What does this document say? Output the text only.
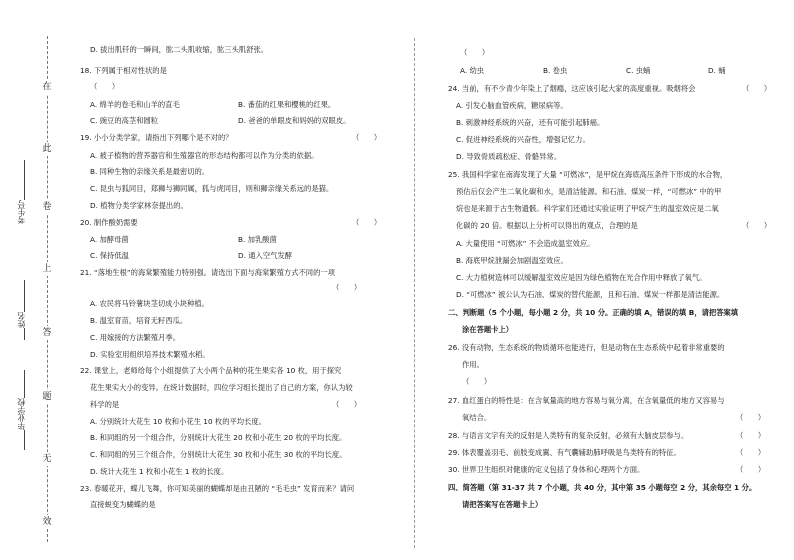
在
此
卷
上
答
题
无
效
考生号
姓名
毕业学校
D. 拔出肌钎的一瞬间，肱二头肌收缩，肱三头肌舒张。
18. 下列属于相对性状的是
（　　）
A. 绵羊的卷毛和山羊的直毛	B. 番茄的红果和樱桃的红果。
C. 豌豆的高茎和圆粒	D. 爸爸的单眼皮和妈妈的双眼皮。
19. 小小分类学家，请指出下列哪个是不对的？	（　　）
A. 被子植物的营养器官和生殖器官的形态结构都可以作为分类的依据。
B. 同种生物的亲缘关系是最密切的。
C. 昆虫与狐同目，郑狮与狮同属，狐与虎同目，则和狮亲缘关系远的是猫。
D. 植物分类学家林奈提出的。
20. 制作酸奶需要	（　　）
A. 加酵母菌	B. 加乳酸菌
C. 保持低温	D. 通入空气发酵
21. “落地生根”的海棠繁殖能力特别强。请选出下面与海棠繁殖方式不同的一项
（　　）
A. 农民将马铃薯块茎切成小块种植。
B. 温室育苗，培育无籽西瓜。
C. 用嫁接的方法繁殖月季。
D. 实验室用组织培养技术繁殖水稻。
22. 课堂上，老师给每个小组提供了大小两个品种的花生果实各 10 枚，用于探究
花生果实大小的变异。在统计数据时，四位学习组长提出了自己的方案，你认为较
科学的是	（　　）
A. 分别统计大花生 10 枚和小花生 10 枚的平均长度。
B. 和同组的另一个组合作，分别统计大花生 20 枚和小花生 20 枚的平均长度。
C. 和同组的另三个组合作，分别统计大花生 30 枚和小花生 30 枚的平均长度。
D. 统计大花生 1 枚和小花生 1 枚的长度。
23. 春暖花开，蝶儿飞舞，你可知美丽的蝴蝶却是由丑陋的 “毛毛虫” 发育而来？请问
直接蜕变为蝴蝶的是
（　　）
A. 幼虫	B. 卷虫	C. 虫蛹	D. 蛹
24. 当前，有不少青少年染上了烟瘾，这应该引起大家的高度重视。吸烟将会	（　　）
A. 引发心脑血管疾病，糖尿病等。
B. 刺激神经系统的兴奋，还有可能引起肺癌。
C. 促进神经系统的兴奋性，增强记忆力。
D. 导致骨质疏松症、骨骼异常。
25. 我国科学家在南海发现了大量 “可燃冰”，是甲烷在海底高压条件下形成的水合物，
预估后仅会产生二氧化碳和水，是清洁能源。和石油、煤炭一样，“可燃冰” 中的甲
烷也是来源于古生物遗骸。科学家们还通过实验证明了甲烷产生的温室效应是二氧
化碳的 20 倍。根据以上分析可以得出的观点，合理的是	（　　）
A. 大量使用 “可燃冰” 不会造成温室效应。
B. 海底甲烷泄漏会加剧温室效应。
C. 大力植树造林可以缓解温室效应是因为绿色植物在光合作用中释放了氧气。
D. “可燃冰” 被公认为石油、煤炭的替代能源，且和石油、煤炭一样都是清洁能源。
二、判断题（5 个小题，每小题 2 分，共 10 分。正确的填 A，错误的填 B，请把答案填
涂在答题卡上）
26. 没有动物，生态系统的物质循环也能进行，但是动物在生态系统中起着非常重要的
作用。
（　　）
27. 血红蛋白的特性是：在含氧量高的地方容易与氧分离，在含氧量低的地方又容易与
氧结合。	（　　）
28. 与语言文字有关的反射是人类特有的复杂反射，必须有大脑皮层参与。	（　　）
29. 体表覆盖羽毛、前肢变成翼、有气囊辅助肺呼吸是鸟类特有的特征。	（　　）
30. 世界卫生组织对健康的定义包括了身体和心理两个方面。	（　　）
四、简答题（第 31-37 共 7 个小题，共 40 分，其中第 35 小题每空 2 分，其余每空 1 分。
请把答案写在答题卡上）
